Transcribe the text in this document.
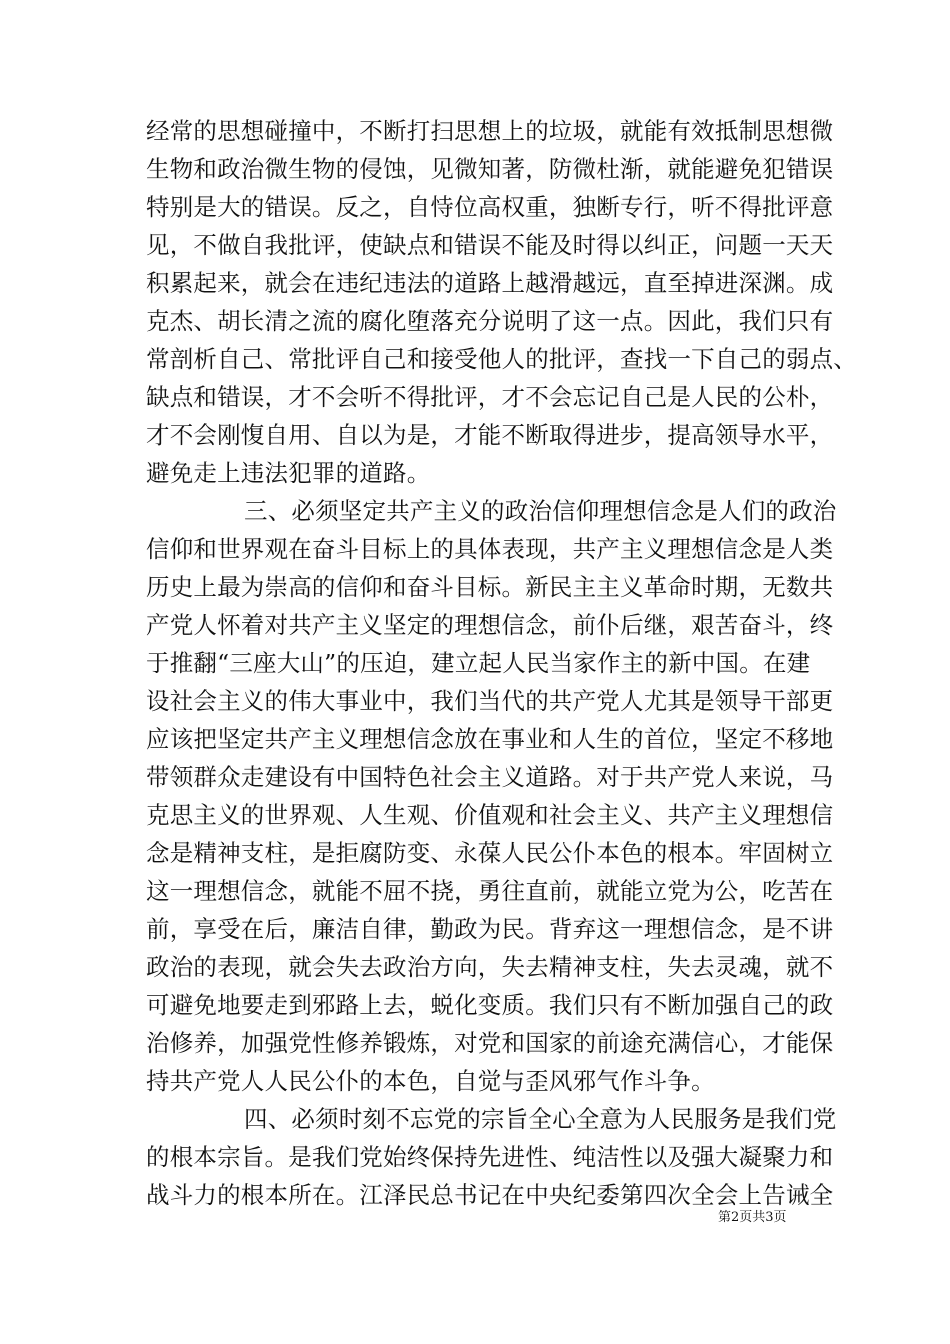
经常的思想碰撞中，不断打扫思想上的垃圾，就能有效抵制思想微
生物和政治微生物的侵蚀，见微知著，防微杜渐，就能避免犯错误
特别是大的错误。反之，自恃位高权重，独断专行，听不得批评意
见，不做自我批评，使缺点和错误不能及时得以纠正，问题一天天
积累起来，就会在违纪违法的道路上越滑越远，直至掉进深渊。成
克杰、胡长清之流的腐化堕落充分说明了这一点。因此，我们只有
常剖析自己、常批评自己和接受他人的批评，查找一下自己的弱点、
缺点和错误，才不会听不得批评，才不会忘记自己是人民的公朴，
才不会刚愎自用、自以为是，才能不断取得进步，提高领导水平，
避免走上违法犯罪的道路。
三、必须坚定共产主义的政治信仰理想信念是人们的政治
信仰和世界观在奋斗目标上的具体表现，共产主义理想信念是人类
历史上最为崇高的信仰和奋斗目标。新民主主义革命时期，无数共
产党人怀着对共产主义坚定的理想信念，前仆后继，艰苦奋斗，终
于推翻“三座大山”的压迫，建立起人民当家作主的新中国。在建
设社会主义的伟大事业中，我们当代的共产党人尤其是领导干部更
应该把坚定共产主义理想信念放在事业和人生的首位，坚定不移地
带领群众走建设有中国特色社会主义道路。对于共产党人来说，马
克思主义的世界观、人生观、价值观和社会主义、共产主义理想信
念是精神支柱，是拒腐防变、永葆人民公仆本色的根本。牢固树立
这一理想信念，就能不屈不挠，勇往直前，就能立党为公，吃苦在
前，享受在后，廉洁自律，勤政为民。背弃这一理想信念，是不讲
政治的表现，就会失去政治方向，失去精神支柱，失去灵魂，就不
可避免地要走到邪路上去，蜕化变质。我们只有不断加强自己的政
治修养，加强党性修养锻炼，对党和国家的前途充满信心，才能保
持共产党人人民公仆的本色，自觉与歪风邪气作斗争。
四、必须时刻不忘党的宗旨全心全意为人民服务是我们党
的根本宗旨。是我们党始终保持先进性、纯洁性以及强大凝聚力和
战斗力的根本所在。江泽民总书记在中央纪委第四次全会上告诫全
第2页共3页
